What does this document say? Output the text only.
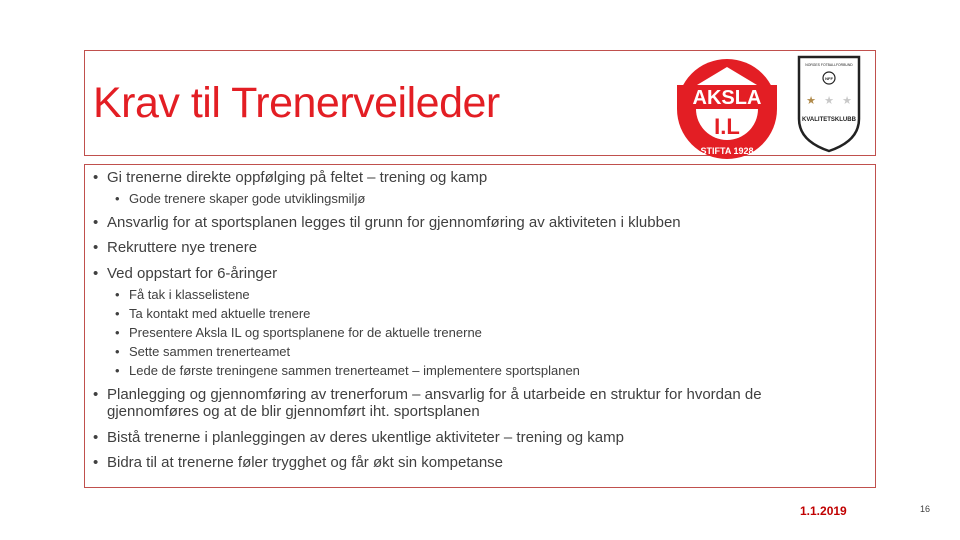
Krav til Trenerveileder	AKSLA
I.L
STIFTA 1928
NORGES FOTBALLFORBUND
NFF
★ ★ ★
KVALITETSKLUBB
• Gi trenerne direkte oppfølging på feltet – trening og kamp
• Gode trenere skaper gode utviklingsmiljø
• Ansvarlig for at sportsplanen legges til grunn for gjennomføring av aktiviteten i klubben
• Rekruttere nye trenere
• Ved oppstart for 6-åringer
• Få tak i klasselistene
• Ta kontakt med aktuelle trenere
• Presentere Aksla IL og sportsplanene for de aktuelle trenerne
• Sette sammen trenerteamet
• Lede de første treningene sammen trenerteamet – implementere sportsplanen
• Planlegging og gjennomføring av trenerforum – ansvarlig for å utarbeide en struktur for hvordan de gjennomføres og at de blir gjennomført iht. sportsplanen
• Bistå trenerne i planleggingen av deres ukentlige aktiviteter – trening og kamp
• Bidra til at trenerne føler trygghet og får økt sin kompetanse
1.1.2019	16
